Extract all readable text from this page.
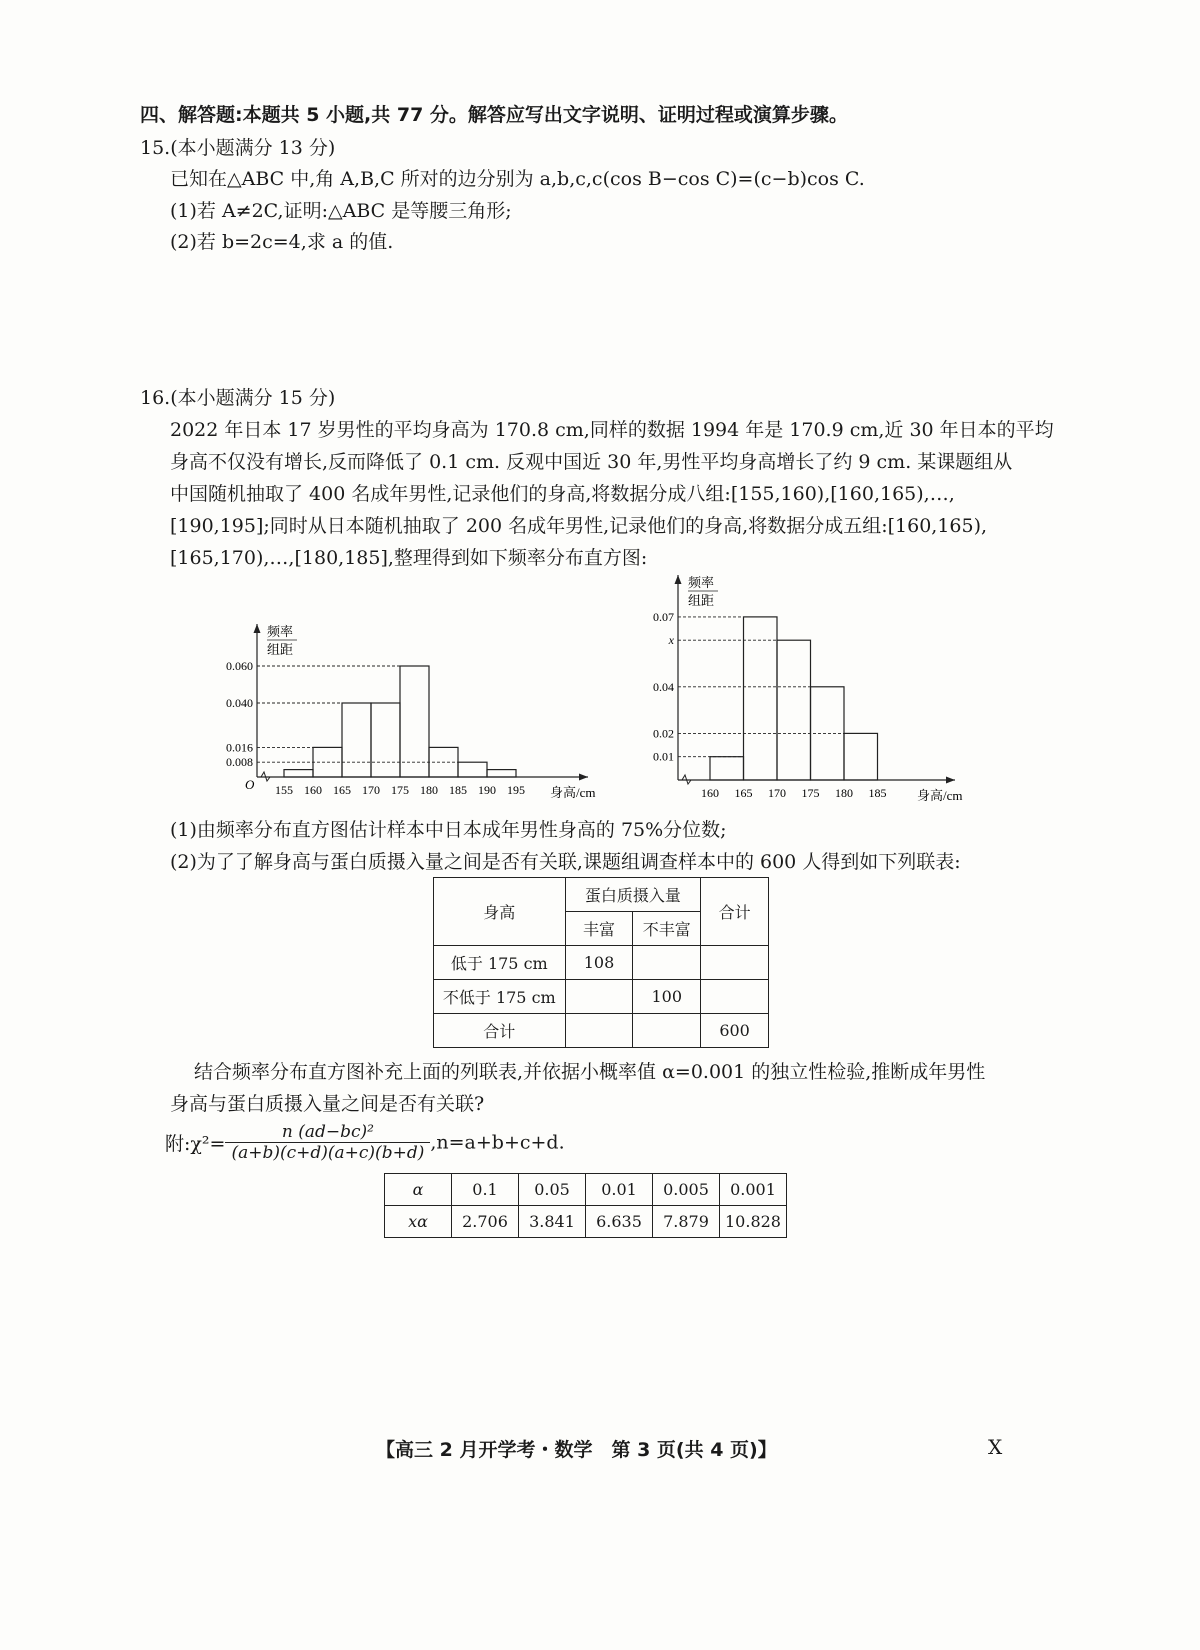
四、解答题:本题共 5 小题,共 77 分。解答应写出文字说明、证明过程或演算步骤。
15.(本小题满分 13 分)
已知在△ABC 中,角 A,B,C 所对的边分别为 a,b,c,c(cos B−cos C)=(c−b)cos C.
(1)若 A≠2C,证明:△ABC 是等腰三角形;
(2)若 b=2c=4,求 a 的值.
16.(本小题满分 15 分)
2022 年日本 17 岁男性的平均身高为 170.8 cm,同样的数据 1994 年是 170.9 cm,近 30 年日本的平均
身高不仅没有增长,反而降低了 0.1 cm. 反观中国近 30 年,男性平均身高增长了约 9 cm. 某课题组从
中国随机抽取了 400 名成年男性,记录他们的身高,将数据分成八组:[155,160),[160,165),…,
[190,195];同时从日本随机抽取了 200 名成年男性,记录他们的身高,将数据分成五组:[160,165),
[165,170),…,[180,185],整理得到如下频率分布直方图:
频率
组距
0.008
0.016
0.040
0.060
155 160 165 170 175 180 185 190 195 身高/cm
O
频率
组距
0.01
0.02
0.04
x
0.07
160 165 170 175 180 185 身高/cm
(1)由频率分布直方图估计样本中日本成年男性身高的 75%分位数;
(2)为了了解身高与蛋白质摄入量之间是否有关联,课题组调查样本中的 600 人得到如下列联表:
身高	蛋白质摄入量		合计
	丰富	不丰富	
低于 175 cm	108		
不低于 175 cm		100	
合计			600
结合频率分布直方图补充上面的列联表,并依据小概率值 α=0.001 的独立性检验,推断成年男性
身高与蛋白质摄入量之间是否有关联?
附:χ²= $\frac{\text{n (ad−bc)²}}{(a+b)(c+d)(a+c)(b+d)} ,n=a+b+c+d$.
α	0.1	0.05	0.01	0.005	0.001
xα	2.706	3.841	6.635	7.879	10.828
【高三 2 月开学考・数学　第 3 页(共 4 页)】	X
